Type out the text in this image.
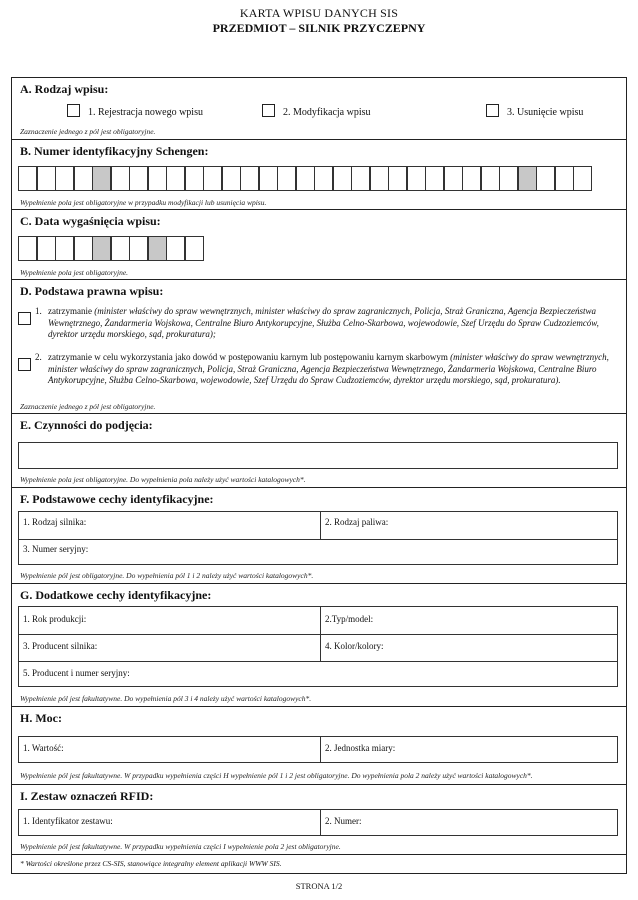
KARTA WPISU DANYCH SIS
PRZEDMIOT – SILNIK PRZYCZEPNY
A. Rodzaj wpisu:
1. Rejestracja nowego wpisu	2. Modyfikacja wpisu	3. Usunięcie wpisu
Zaznaczenie jednego z pól jest obligatoryjne.
B. Numer identyfikacyjny Schengen:
Wypełnienie pola jest obligatoryjne w przypadku modyfikacji lub usunięcia wpisu.
C. Data wygaśnięcia wpisu:
Wypełnienie pola jest obligatoryjne.
D. Podstawa prawna wpisu:
1. zatrzymanie (minister właściwy do spraw wewnętrznych, minister właściwy do spraw zagranicznych, Policja, Straż Graniczna, Agencja Bezpieczeństwa Wewnętrznego, Żandarmeria Wojskowa, Centralne Biuro Antykorupcyjne, Służba Celno-Skarbowa, wojewodowie, Szef Urzędu do Spraw Cudzoziemców, dyrektor urzędu morskiego, sąd, prokuratura);
2. zatrzymanie w celu wykorzystania jako dowód w postępowaniu karnym lub postępowaniu karnym skarbowym (minister właściwy do spraw wewnętrznych, minister właściwy do spraw zagranicznych, Policja, Straż Graniczna, Agencja Bezpieczeństwa Wewnętrznego, Żandarmeria Wojskowa, Centralne Biuro Antykorupcyjne, Służba Celno-Skarbowa, wojewodowie, Szef Urzędu do Spraw Cudzoziemców, dyrektor urzędu morskiego, sąd, prokuratura).
Zaznaczenie jednego z pól jest obligatoryjne.
E. Czynności do podjęcia:
Wypełnienie pola jest obligatoryjne. Do wypełnienia pola należy użyć wartości katalogowych*.
F. Podstawowe cechy identyfikacyjne:
1. Rodzaj silnika:	2. Rodzaj paliwa:
3. Numer seryjny:
Wypełnienie pól jest obligatoryjne. Do wypełnienia pól 1 i 2 należy użyć wartości katalogowych*.
G. Dodatkowe cechy identyfikacyjne:
1. Rok produkcji:	2.Typ/model:
3. Producent silnika:	4. Kolor/kolory:
5. Producent i numer seryjny:
Wypełnienie pól jest fakultatywne. Do wypełnienia pól 3 i 4 należy użyć wartości katalogowych*.
H. Moc:
1. Wartość:	2. Jednostka miary:
Wypełnienie pól jest fakultatywne. W przypadku wypełnienia części H wypełnienie pól 1 i 2 jest obligatoryjne. Do wypełnienia pola 2 należy użyć wartości katalogowych*.
I. Zestaw oznaczeń RFID:
1. Identyfikator zestawu:	2. Numer:
Wypełnienie pól jest fakultatywne. W przypadku wypełnienia części I wypełnienie pola 2 jest obligatoryjne.
* Wartości określone przez CS-SIS, stanowiące integralny element aplikacji WWW SIS.
STRONA 1/2
